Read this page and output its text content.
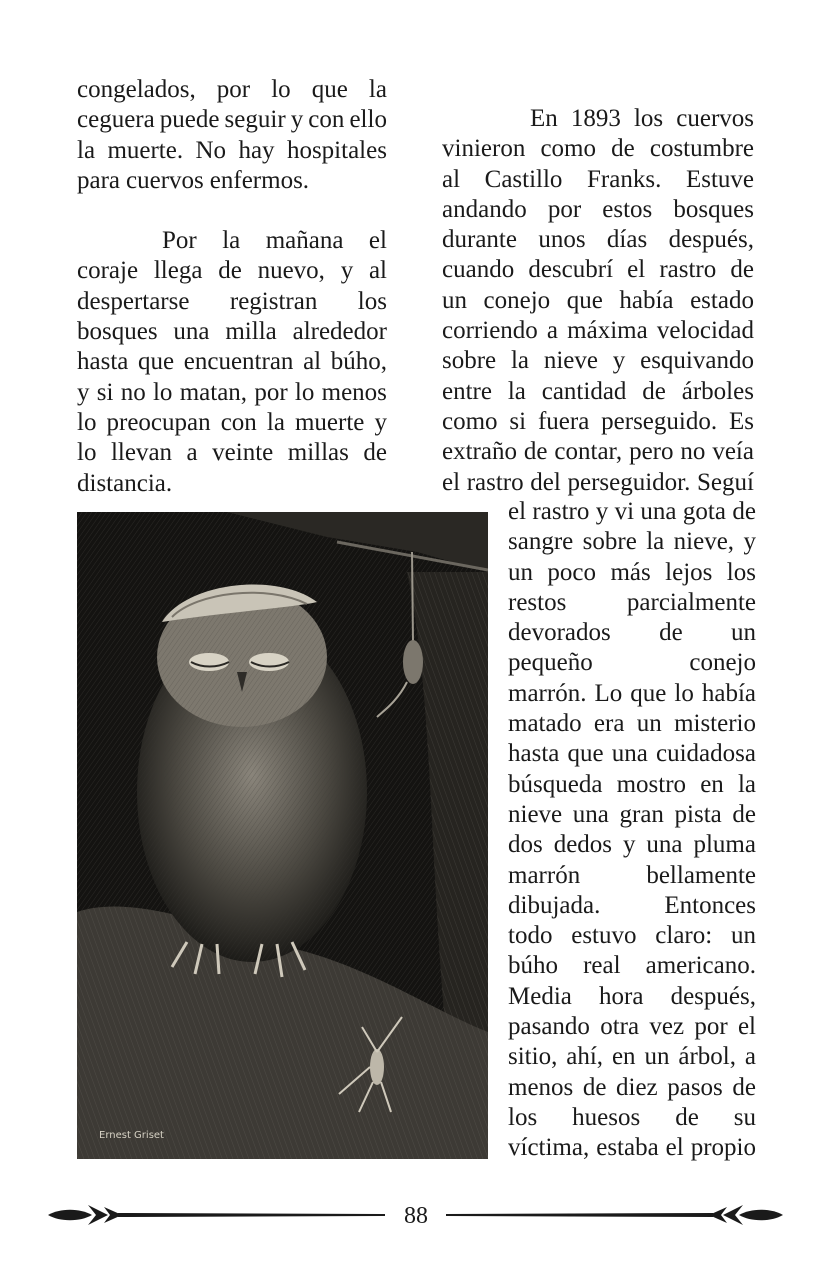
congelados, por lo que la
ceguera puede seguir y con ello
la muerte. No hay hospitales
para cuervos enfermos.
Por la mañana el
coraje llega de nuevo, y al
despertarse registran los
bosques una milla alrededor
hasta que encuentran al búho,
y si no lo matan, por lo menos
lo preocupan con la muerte y
lo llevan a veinte millas de
distancia.
En 1893 los cuervos
vinieron como de costumbre
al Castillo Franks. Estuve
andando por estos bosques
durante unos días después,
cuando descubrí el rastro de
un conejo que había estado
corriendo a máxima velocidad
sobre la nieve y esquivando
entre la cantidad de árboles
como si fuera perseguido. Es
extraño de contar, pero no veía
el rastro del perseguidor. Seguí
el rastro y vi una gota de
sangre sobre la nieve, y
un poco más lejos los
restos parcialmente
devorados de un
pequeño	conejo
marrón. Lo que lo había
matado era un misterio
hasta que una cuidadosa
búsqueda mostro en la
nieve una gran pista de
dos dedos y una pluma
marrón	bellamente
dibujada.	Entonces
todo estuvo claro: un
búho real americano.
Media hora después,
pasando otra vez por el
sitio, ahí, en un árbol, a
menos de diez pasos de
los huesos de su
víctima, estaba el propio
Ernest Griset
88
